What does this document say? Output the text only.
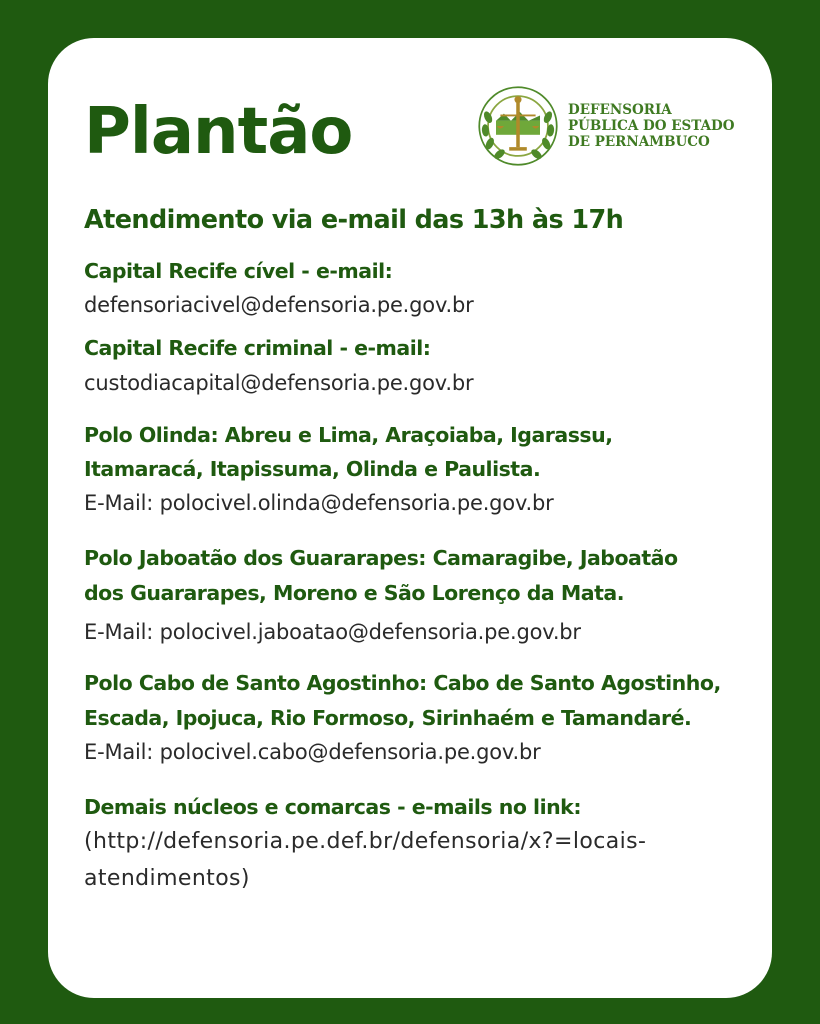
Plantão	DEFENSORIA
PÚBLICA DO ESTADO
DE PERNAMBUCO
Atendimento via e-mail das 13h às 17h
Capital Recife cível - e-mail:
defensoriacivel@defensoria.pe.gov.br
Capital Recife criminal - e-mail:
custodiacapital@defensoria.pe.gov.br
Polo Olinda: Abreu e Lima, Araçoiaba, Igarassu,
Itamaracá, Itapissuma, Olinda e Paulista.
E-Mail: polocivel.olinda@defensoria.pe.gov.br
Polo Jaboatão dos Guararapes: Camaragibe, Jaboatão
dos Guararapes, Moreno e São Lorenço da Mata.
E-Mail: polocivel.jaboatao@defensoria.pe.gov.br
Polo Cabo de Santo Agostinho: Cabo de Santo Agostinho,
Escada, Ipojuca, Rio Formoso, Sirinhaém e Tamandaré.
E-Mail: polocivel.cabo@defensoria.pe.gov.br
Demais núcleos e comarcas - e-mails no link:
(http://defensoria.pe.def.br/defensoria/x?=locais-
atendimentos)
